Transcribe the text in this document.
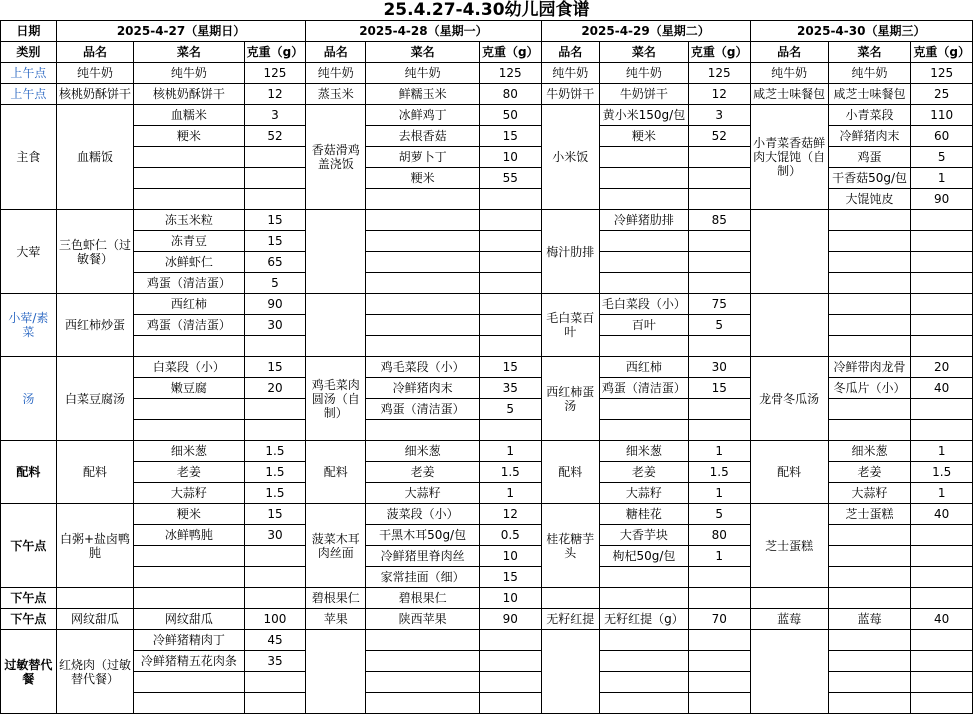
25.4.27-4.30幼儿园食谱
日期	2025-4-27（星期日）			2025-4-28（星期一）			2025-4-29（星期二）			2025-4-30（星期三）		
类别	品名	菜名	克重（g）	品名	菜名	克重（g）	品名	菜名	克重（g）	品名	菜名	克重（g）
上午点	纯牛奶	纯牛奶	125	纯牛奶	纯牛奶	125	纯牛奶	纯牛奶	125	纯牛奶	纯牛奶	125
上午点	核桃奶酥饼干	核桃奶酥饼干	12	蒸玉米	鲜糯玉米	80	牛奶饼干	牛奶饼干	12	咸芝士味餐包	咸芝士味餐包	25
主食	血糯饭	血糯米	3	香菇滑鸡盖浇饭	冰鲜鸡丁	50	小米饭	黄小米150g/包	3	小青菜香菇鲜肉大馄饨（自制）	小青菜段	110
		粳米	52		去根香菇	15		粳米	52		冷鲜猪肉末	60
					胡萝卜丁	10					鸡蛋	5
					粳米	55					干香菇50g/包	1
											大馄饨皮	90
大荤	三色虾仁（过敏餐）	冻玉米粒	15				梅汁肋排	冷鲜猪肋排	85			
		冻青豆	15									
		冰鲜虾仁	65									
		鸡蛋（清洁蛋）	5									
小荤/素菜	西红柿炒蛋	西红柿	90				毛白菜百叶	毛白菜段（小）	75			
		鸡蛋（清洁蛋）	30					百叶	5			

汤	白菜豆腐汤	白菜段（小）	15	鸡毛菜肉圆汤（自制）	鸡毛菜段（小）	15	西红柿蛋汤	西红柿	30	龙骨冬瓜汤	冷鲜带肉龙骨	20
		嫩豆腐	20		冷鲜猪肉末	35		鸡蛋（清洁蛋）	15		冬瓜片（小）	40
					鸡蛋（清洁蛋）	5						

配料	配料	细米葱	1.5	配料	细米葱	1	配料	细米葱	1	配料	细米葱	1
		老姜	1.5		老姜	1.5		老姜	1.5		老姜	1.5
		大蒜籽	1.5		大蒜籽	1		大蒜籽	1		大蒜籽	1
下午点	白粥+盐卤鸭肫	粳米	15	菠菜木耳肉丝面	菠菜段（小）	12	桂花糖芋头	糖桂花	5	芝士蛋糕	芝士蛋糕	40
		冰鲜鸭肫	30		干黑木耳50g/包	0.5		大香芋块	80			
					冷鲜猪里脊肉丝	10		枸杞50g/包	1			
					家常挂面（细）	15						
下午点				碧根果仁	碧根果仁	10						
下午点	网纹甜瓜	网纹甜瓜	100	苹果	陕西苹果	90	无籽红提	无籽红提（g）	70	蓝莓	蓝莓	40
过敏替代餐	红烧肉（过敏替代餐）	冷鲜猪精肉丁	45									
		冷鲜猪精五花肉条	35									
